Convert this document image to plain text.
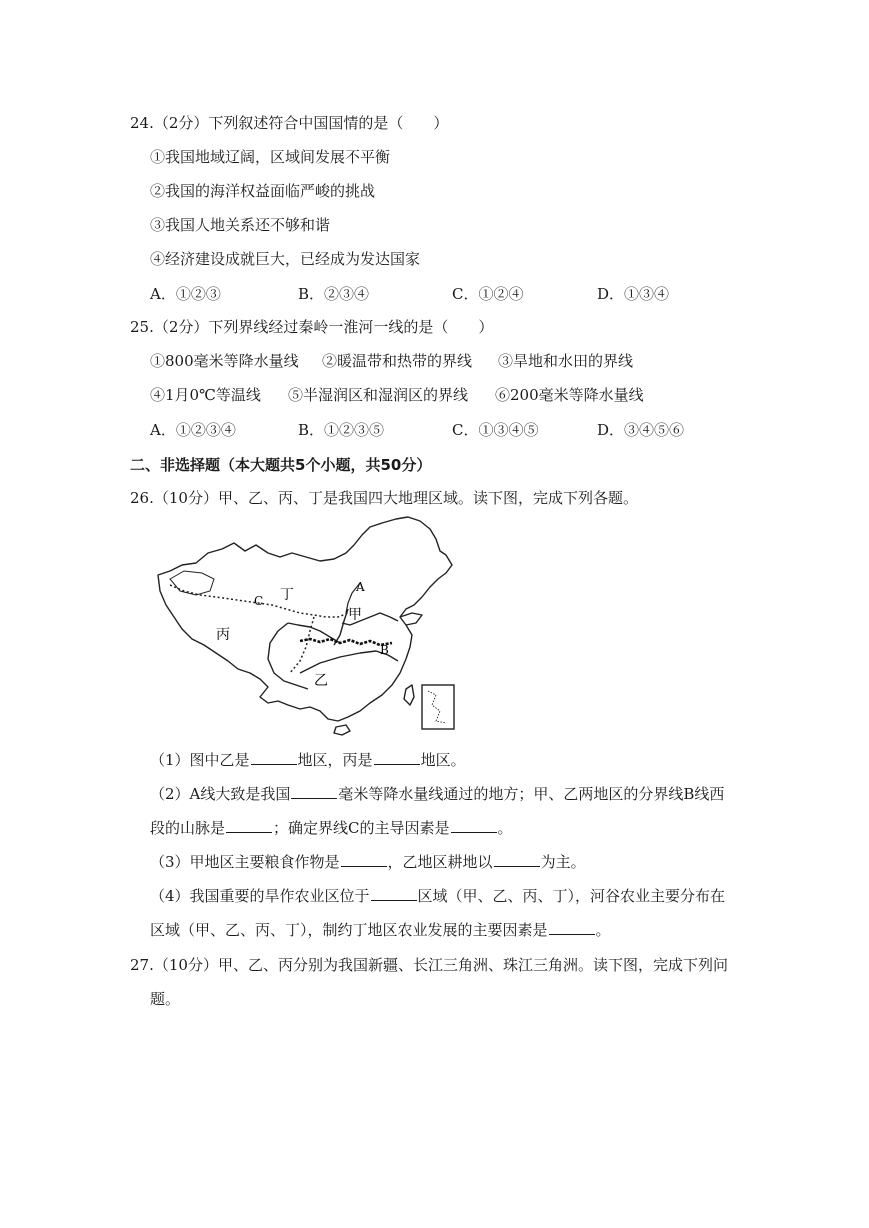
24.（2分）下列叙述符合中国国情的是（　　）
①我国地域辽阔，区域间发展不平衡
②我国的海洋权益面临严峻的挑战
③我国人地关系还不够和谐
④经济建设成就巨大，已经成为发达国家
A．①②③	B．②③④	C．①②④	D．①③④
25.（2分）下列界线经过秦岭一淮河一线的是（　　）
①800毫米等降水量线 ②暖温带和热带的界线 ③旱地和水田的界线
④1月0℃等温线 ⑤半湿润区和湿润区的界线 ⑥200毫米等降水量线
A．①②③④	B．①②③⑤	C．①③④⑤	D．③④⑤⑥
二、非选择题（本大题共5个小题，共50分）
26.（10分）甲、乙、丙、丁是我国四大地理区域。读下图，完成下列各题。
丁
C
A
甲
丙
B
乙
（1）图中乙是	地区，丙是	地区。
（2）A线大致是我国	毫米等降水量线通过的地方；甲、乙两地区的分界线B线西
段的山脉是	；确定界线C的主导因素是	。
（3）甲地区主要粮食作物是	，乙地区耕地以	为主。
（4）我国重要的旱作农业区位于	区域（甲、乙、丙、丁），河谷农业主要分布在
区域（甲、乙、丙、丁），制约丁地区农业发展的主要因素是	。
27.（10分）甲、乙、丙分别为我国新疆、长江三角洲、珠江三角洲。读下图，完成下列问
题。
